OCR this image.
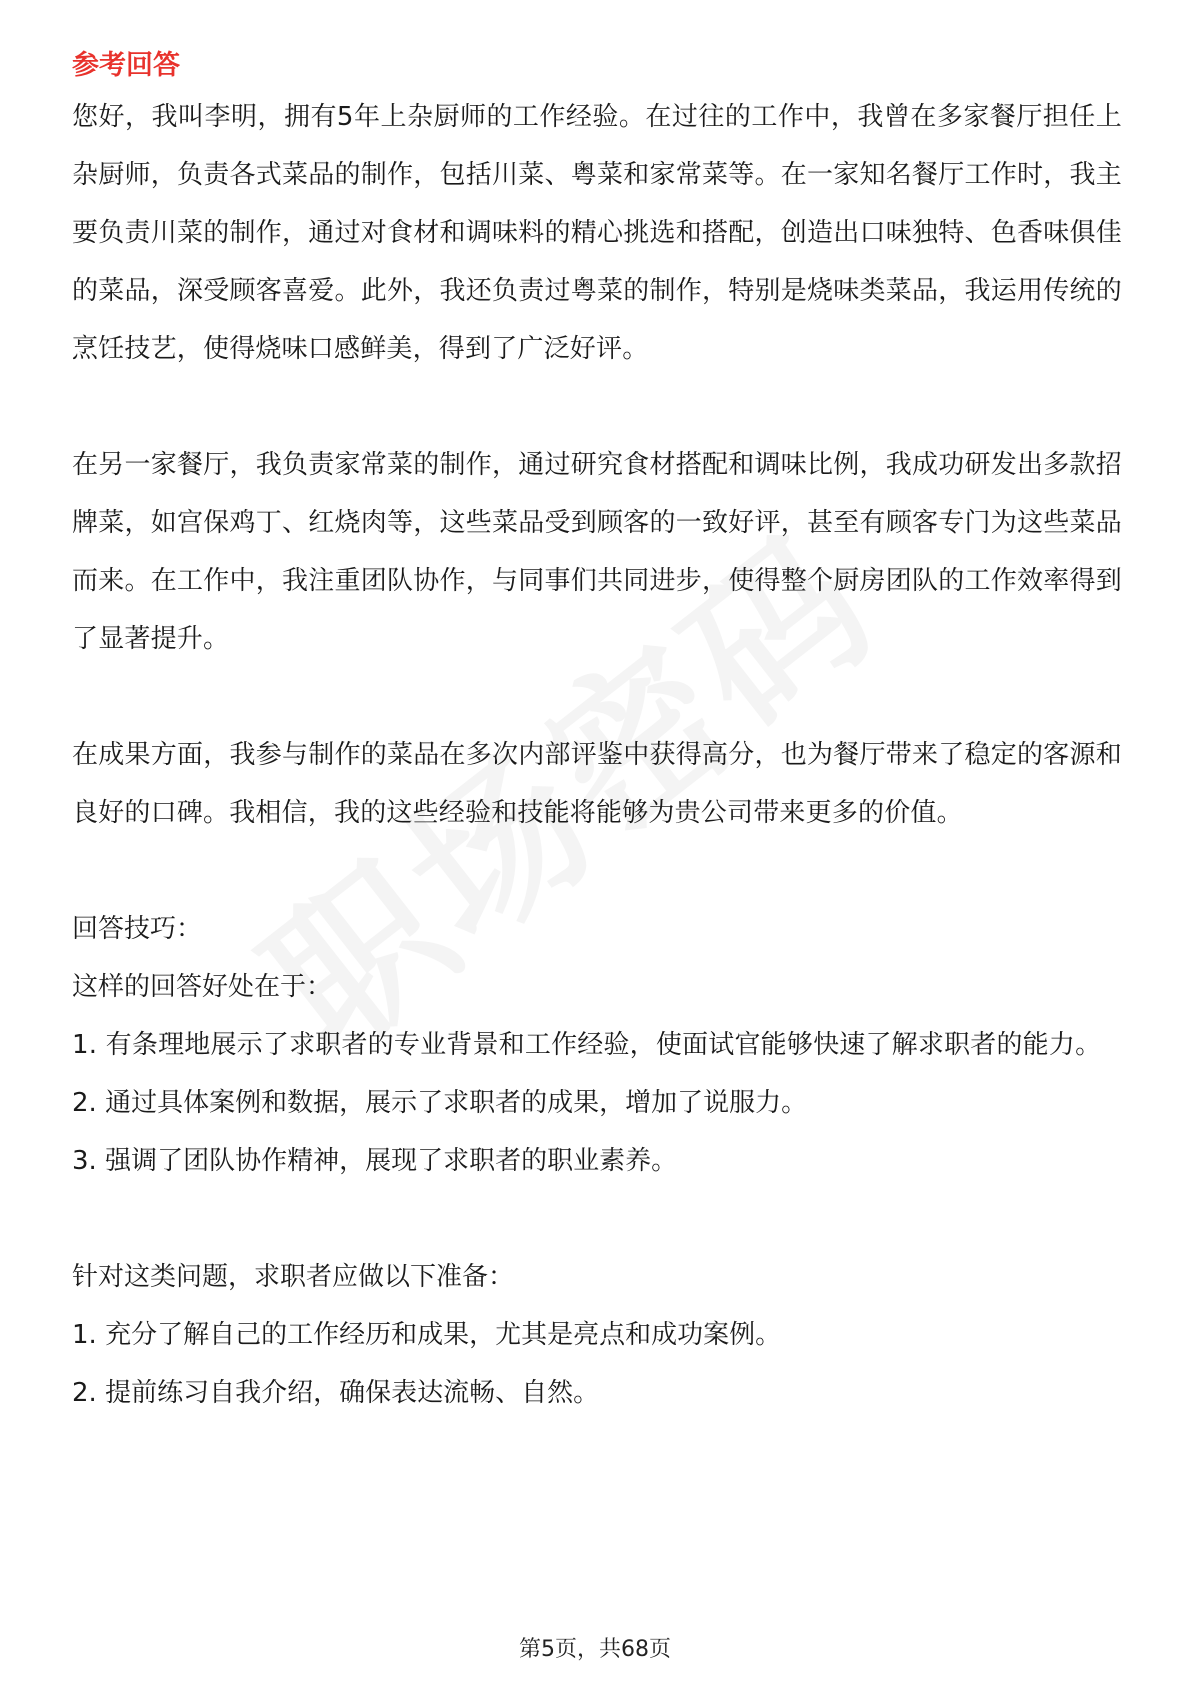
参考回答

您好，我叫李明，拥有5年上杂厨师的工作经验。在过往的工作中，我曾在多家餐厅担任上杂厨师，负责各式菜品的制作，包括川菜、粤菜和家常菜等。在一家知名餐厅工作时，我主要负责川菜的制作，通过对食材和调味料的精心挑选和搭配，创造出口味独特、色香味俱佳的菜品，深受顾客喜爱。此外，我还负责过粤菜的制作，特别是烧味类菜品，我运用传统的烹饪技艺，使得烧味口感鲜美，得到了广泛好评。

在另一家餐厅，我负责家常菜的制作，通过研究食材搭配和调味比例，我成功研发出多款招牌菜，如宫保鸡丁、红烧肉等，这些菜品受到顾客的一致好评，甚至有顾客专门为这些菜品而来。在工作中，我注重团队协作，与同事们共同进步，使得整个厨房团队的工作效率得到了显著提升。

在成果方面，我参与制作的菜品在多次内部评鉴中获得高分，也为餐厅带来了稳定的客源和良好的口碑。我相信，我的这些经验和技能将能够为贵公司带来更多的价值。

回答技巧：

这样的回答好处在于：

1. 有条理地展示了求职者的专业背景和工作经验，使面试官能够快速了解求职者的能力。

2. 通过具体案例和数据，展示了求职者的成果，增加了说服力。

3. 强调了团队协作精神，展现了求职者的职业素养。

针对这类问题，求职者应做以下准备：

1. 充分了解自己的工作经历和成果，尤其是亮点和成功案例。

2. 提前练习自我介绍，确保表达流畅、自然。

第5页，共68页
